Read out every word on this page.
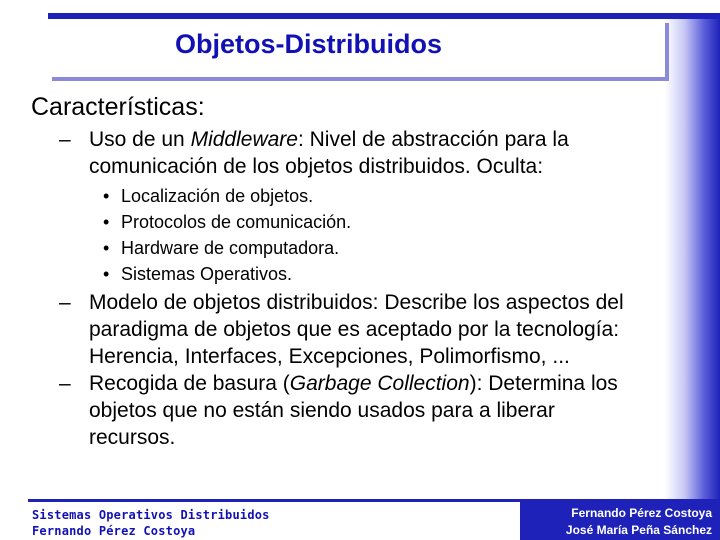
Objetos-Distribuidos

Características:

– Uso de un Middleware: Nivel de abstracción para la
comunicación de los objetos distribuidos. Oculta:
• Localización de objetos.
• Protocolos de comunicación.
• Hardware de computadora.
• Sistemas Operativos.
– Modelo de objetos distribuidos: Describe los aspectos del
paradigma de objetos que es aceptado por la tecnología:
Herencia, Interfaces, Excepciones, Polimorfismo, ...
– Recogida de basura (Garbage Collection): Determina los
objetos que no están siendo usados para a liberar
recursos.
Sistemas Operativos Distribuidos
Fernando Pérez Costoya
Fernando Pérez Costoya
José María Peña Sánchez
